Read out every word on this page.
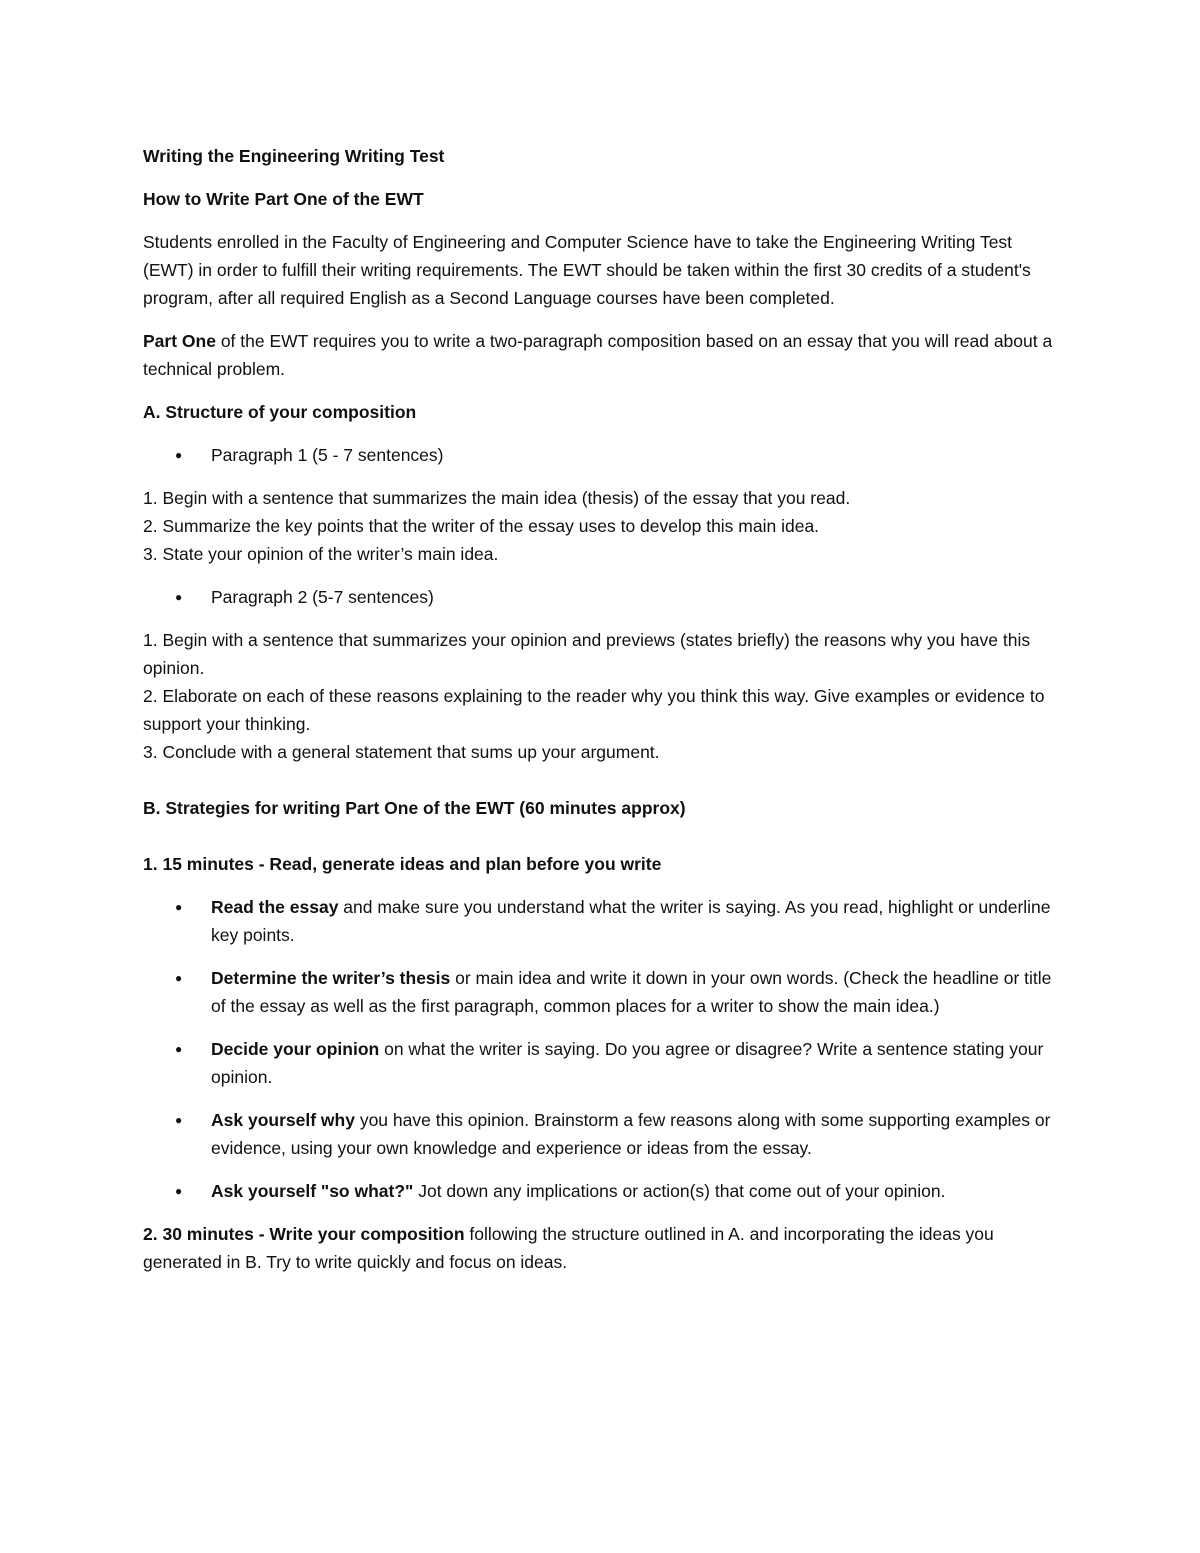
Writing the Engineering Writing Test

How to Write Part One of the EWT

Students enrolled in the Faculty of Engineering and Computer Science have to take the Engineering Writing Test (EWT) in order to fulfill their writing requirements. The EWT should be taken within the first 30 credits of a student's program, after all required English as a Second Language courses have been completed.

Part One of the EWT requires you to write a two-paragraph composition based on an essay that you will read about a technical problem.

A. Structure of your composition

● Paragraph 1 (5 - 7 sentences)

1. Begin with a sentence that summarizes the main idea (thesis) of the essay that you read.

2. Summarize the key points that the writer of the essay uses to develop this main idea.

3. State your opinion of the writer’s main idea.

● Paragraph 2 (5-7 sentences)

1. Begin with a sentence that summarizes your opinion and previews (states briefly) the reasons why you have this opinion.

2. Elaborate on each of these reasons explaining to the reader why you think this way. Give examples or evidence to support your thinking.

3. Conclude with a general statement that sums up your argument.

B. Strategies for writing Part One of the EWT (60 minutes approx)

1. 15 minutes - Read, generate ideas and plan before you write

● Read the essay and make sure you understand what the writer is saying. As you read, highlight or underline key points.
● Determine the writer’s thesis or main idea and write it down in your own words. (Check the headline or title of the essay as well as the first paragraph, common places for a writer to show the main idea.)
● Decide your opinion on what the writer is saying. Do you agree or disagree? Write a sentence stating your opinion.
● Ask yourself why you have this opinion. Brainstorm a few reasons along with some supporting examples or evidence, using your own knowledge and experience or ideas from the essay.
● Ask yourself "so what?" Jot down any implications or action(s) that come out of your opinion.

2. 30 minutes - Write your composition following the structure outlined in A. and incorporating the ideas you generated in B. Try to write quickly and focus on ideas.
